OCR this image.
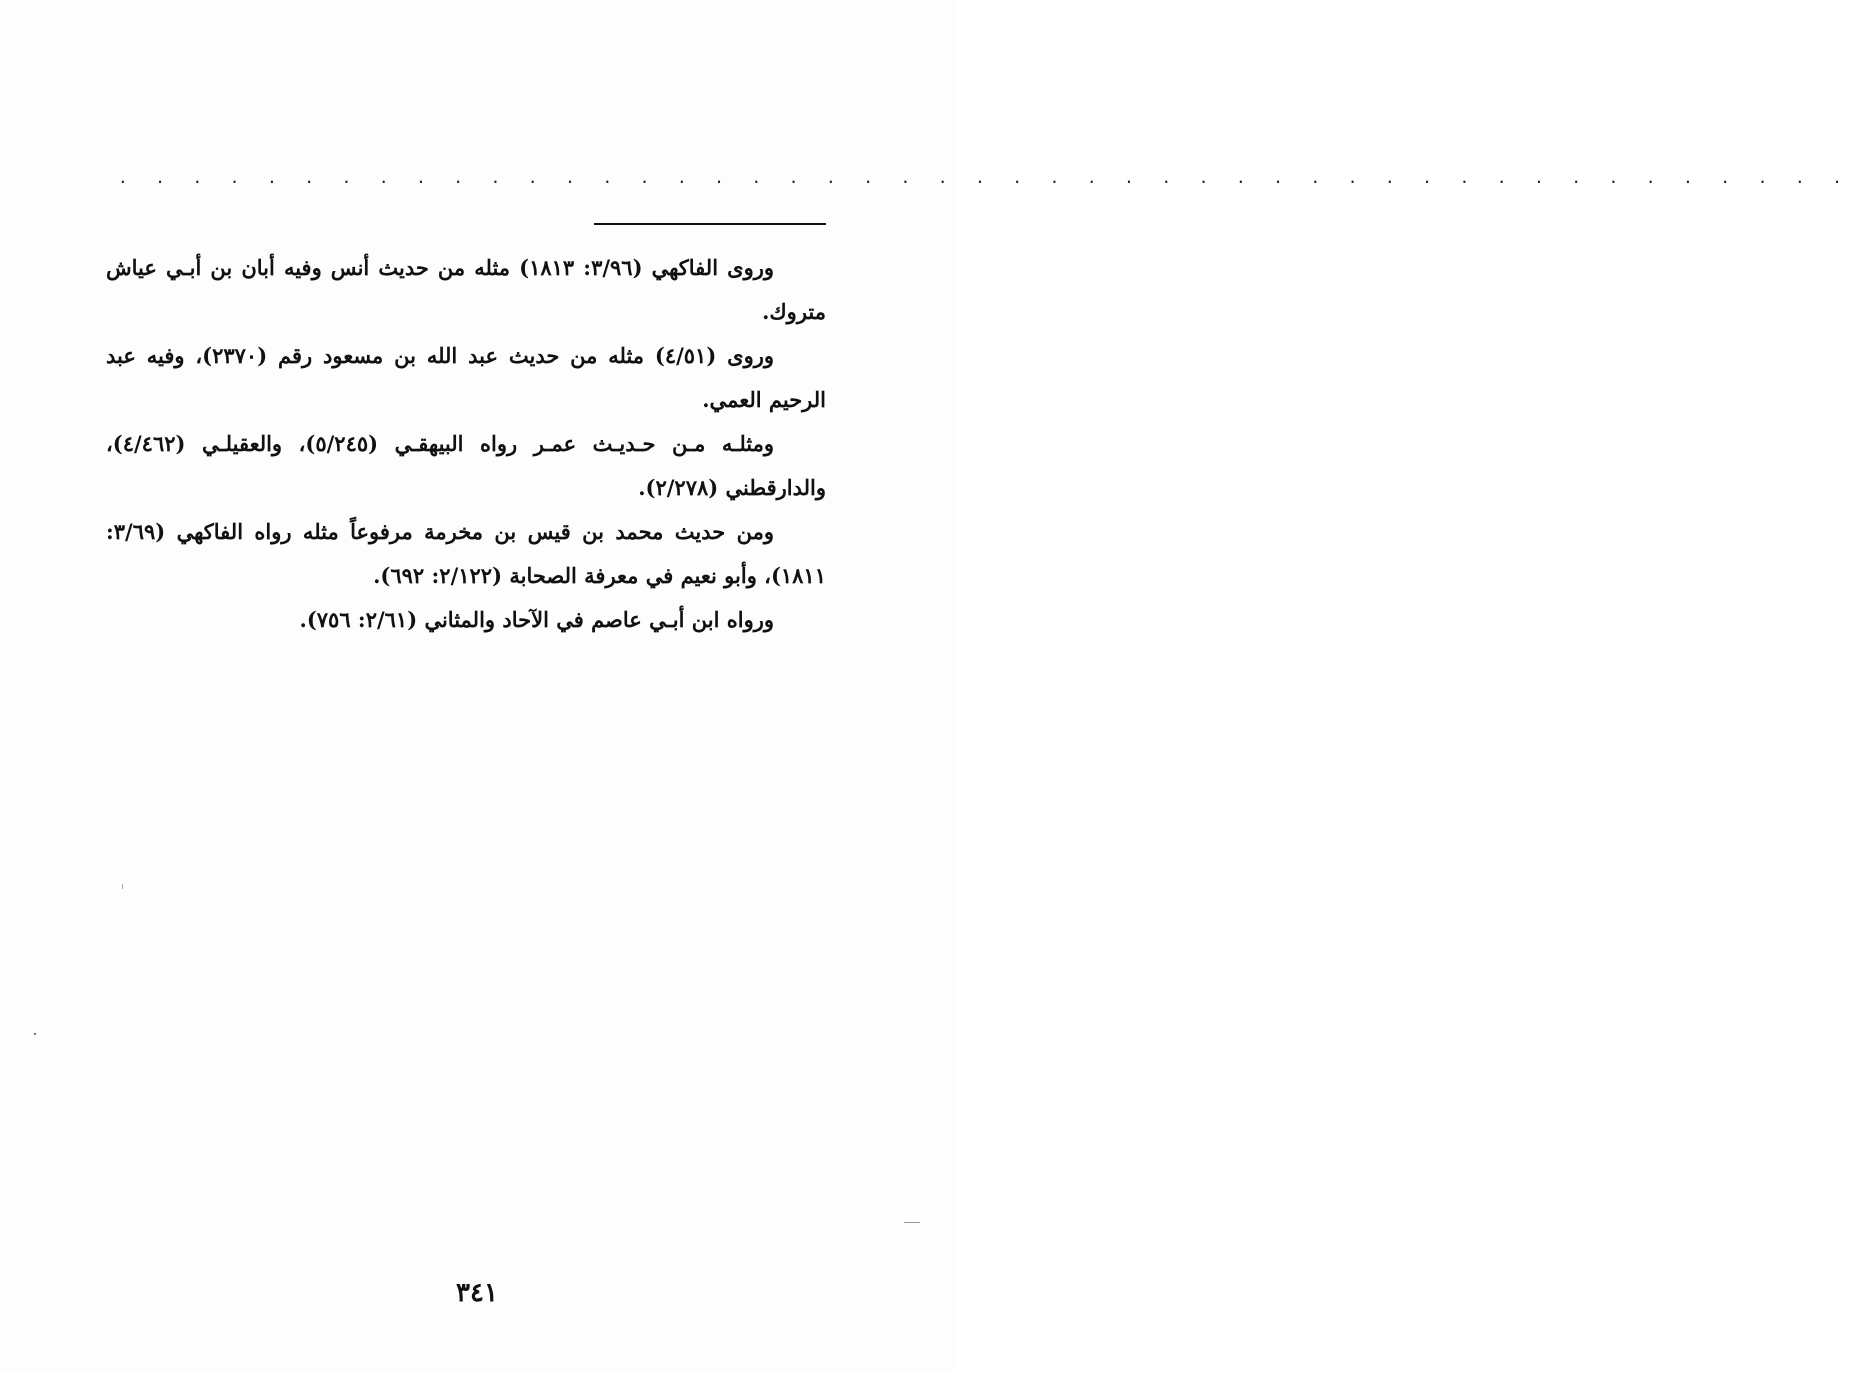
. . . . . . . . . . . . . . . . . . . . . . . . . . . . . . . . . . . . . . . . . . . . . . .

وروى الفاكهي (٣/٩٦: ١٨١٣) مثله من حديث أنس وفيه أبان بن أبـي عياش متروك.

وروى (٤/٥١) مثله من حديث عبد الله بن مسعود رقم (٢٣٧٠)، وفيه عبد الرحيم العمي.

ومثلـه مـن حـديـث عمـر رواه البيهقـي (٥/٢٤٥)، والعقيلـي (٤/٤٦٢)، والدارقطني (٢/٢٧٨).

ومن حديث محمد بن قيس بن مخرمة مرفوعاً مثله رواه الفاكهي (٣/٦٩: ١٨١١)، وأبو نعيم في معرفة الصحابة (٢/١٢٢: ٦٩٢).

ورواه ابن أبـي عاصم في الآحاد والمثاني (٢/٦١: ٧٥٦).

٣٤١
